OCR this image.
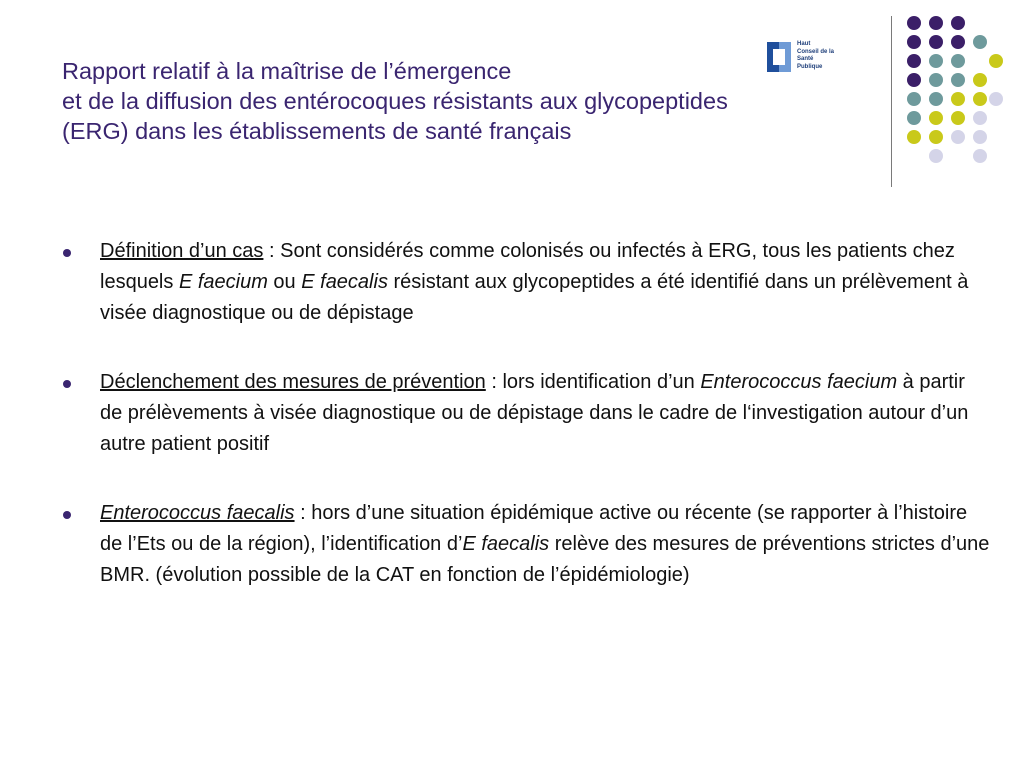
Rapport relatif à la maîtrise de l’émergence
et de la diffusion des entérocoques résistants aux glycopeptides
(ERG) dans les établissements de santé français
Haut
Conseil de la
Santé
Publique
Définition d’un cas : Sont considérés comme colonisés ou infectés à ERG, tous les patients chez lesquels E faecium ou E faecalis résistant aux glycopeptides a été identifié dans un prélèvement à visée diagnostique ou de dépistage
Déclenchement des mesures de prévention : lors identification d’un Enterococcus faecium à partir de prélèvements à visée diagnostique ou de dépistage dans le cadre de l‘investigation autour d’un autre patient positif
Enterococcus faecalis : hors d’une situation épidémique active ou récente (se rapporter à l’histoire de l’Ets ou de la région), l’identification d’E faecalis relève des mesures de préventions strictes d’une BMR. (évolution possible de la CAT en fonction de l’épidémiologie)
